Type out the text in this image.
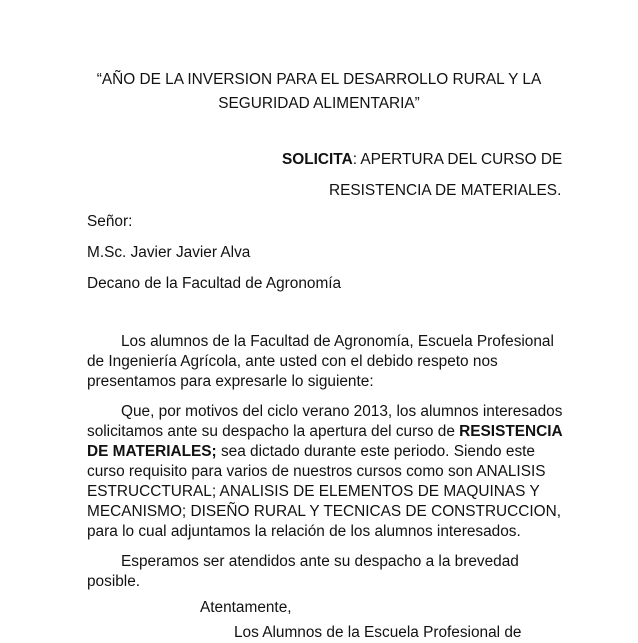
“AÑO DE LA INVERSION PARA EL DESARROLLO RURAL Y LA
SEGURIDAD ALIMENTARIA”
SOLICITA: APERTURA DEL CURSO DE
RESISTENCIA DE MATERIALES.
Señor:
M.Sc. Javier Javier Alva
Decano de la Facultad de Agronomía
Los alumnos de la Facultad de Agronomía, Escuela Profesional
de Ingeniería Agrícola, ante usted con el debido respeto nos
presentamos para expresarle lo siguiente:
Que, por motivos del ciclo verano 2013, los alumnos interesados
solicitamos ante su despacho la apertura del curso de RESISTENCIA
DE MATERIALES; sea dictado durante este periodo. Siendo este
curso requisito para varios de nuestros cursos como son ANALISIS
ESTRUCCTURAL; ANALISIS DE ELEMENTOS DE MAQUINAS Y
MECANISMO; DISEÑO RURAL Y TECNICAS DE CONSTRUCCION,
para lo cual adjuntamos la relación de los alumnos interesados.
Esperamos ser atendidos ante su despacho a la brevedad
posible.
Atentamente,
Los Alumnos de la Escuela Profesional de
